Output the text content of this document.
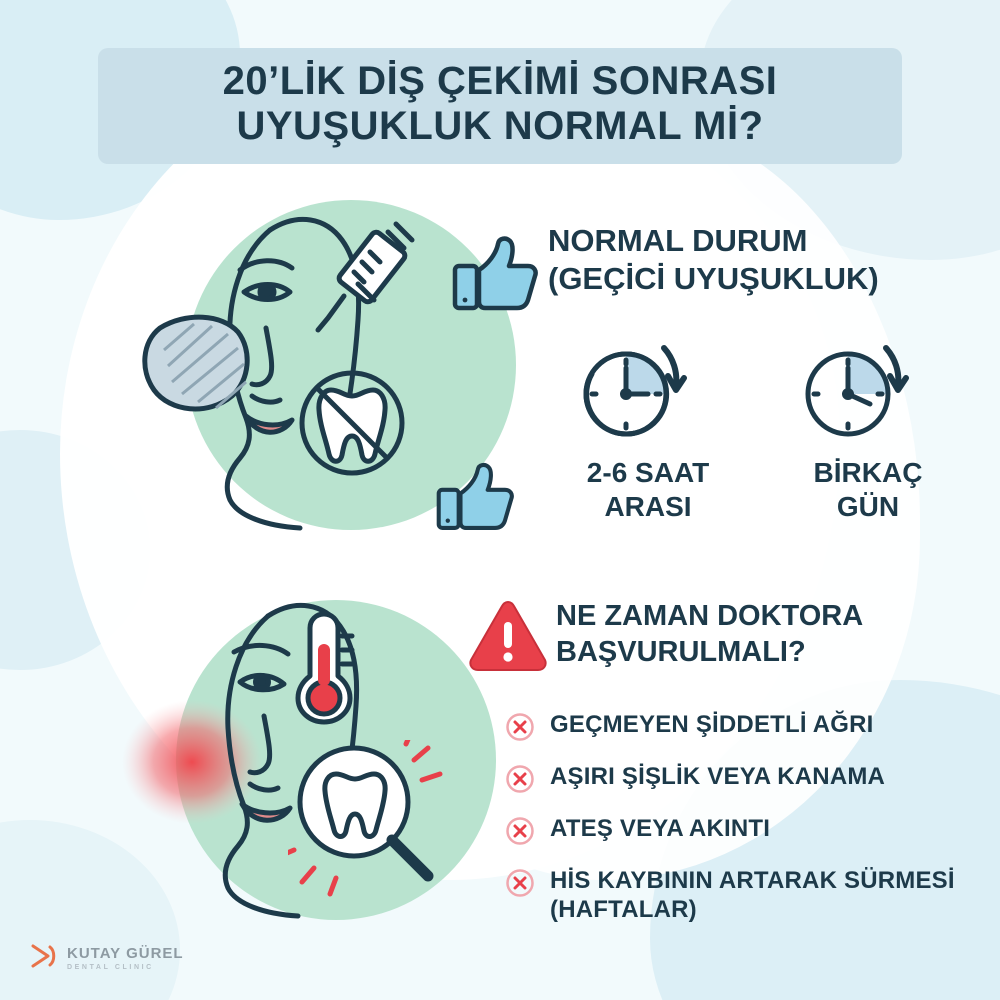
20’LİK DİŞ ÇEKİMİ SONRASI
UYUŞUKLUK NORMAL Mİ?
NORMAL DURUM
(GEÇİCİ UYUŞUKLUK)
2-6 SAAT
ARASI
BİRKAÇ
GÜN
NE ZAMAN DOKTORA
BAŞVURULMALI?
GEÇMEYEN ŞİDDETLİ AĞRI
AŞIRI ŞİŞLİK VEYA KANAMA
ATEŞ VEYA AKINTI
HİS KAYBININ ARTARAK SÜRMESİ (HAFTALAR)
KUTAY GÜREL
DENTAL CLINIC
